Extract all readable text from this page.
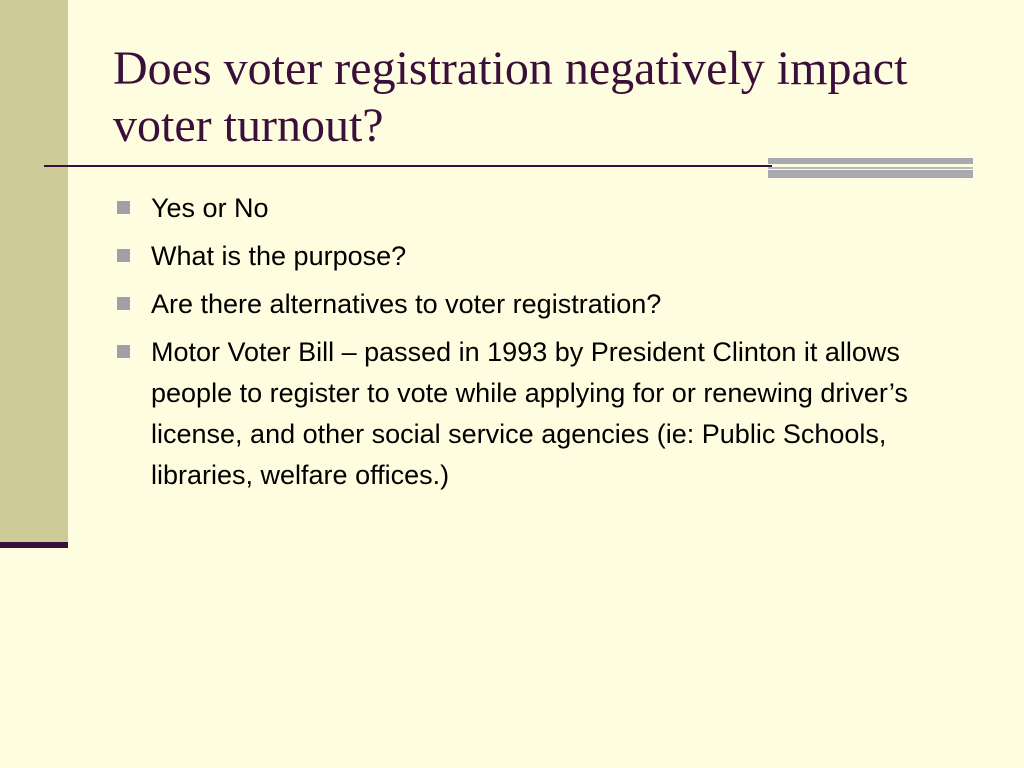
Does voter registration negatively impact voter turnout?
Yes or No
What is the purpose?
Are there alternatives to voter registration?
Motor Voter Bill – passed in 1993 by President Clinton it allows people to register to vote while applying for or renewing driver’s license, and other social service agencies (ie: Public Schools, libraries, welfare offices.)
